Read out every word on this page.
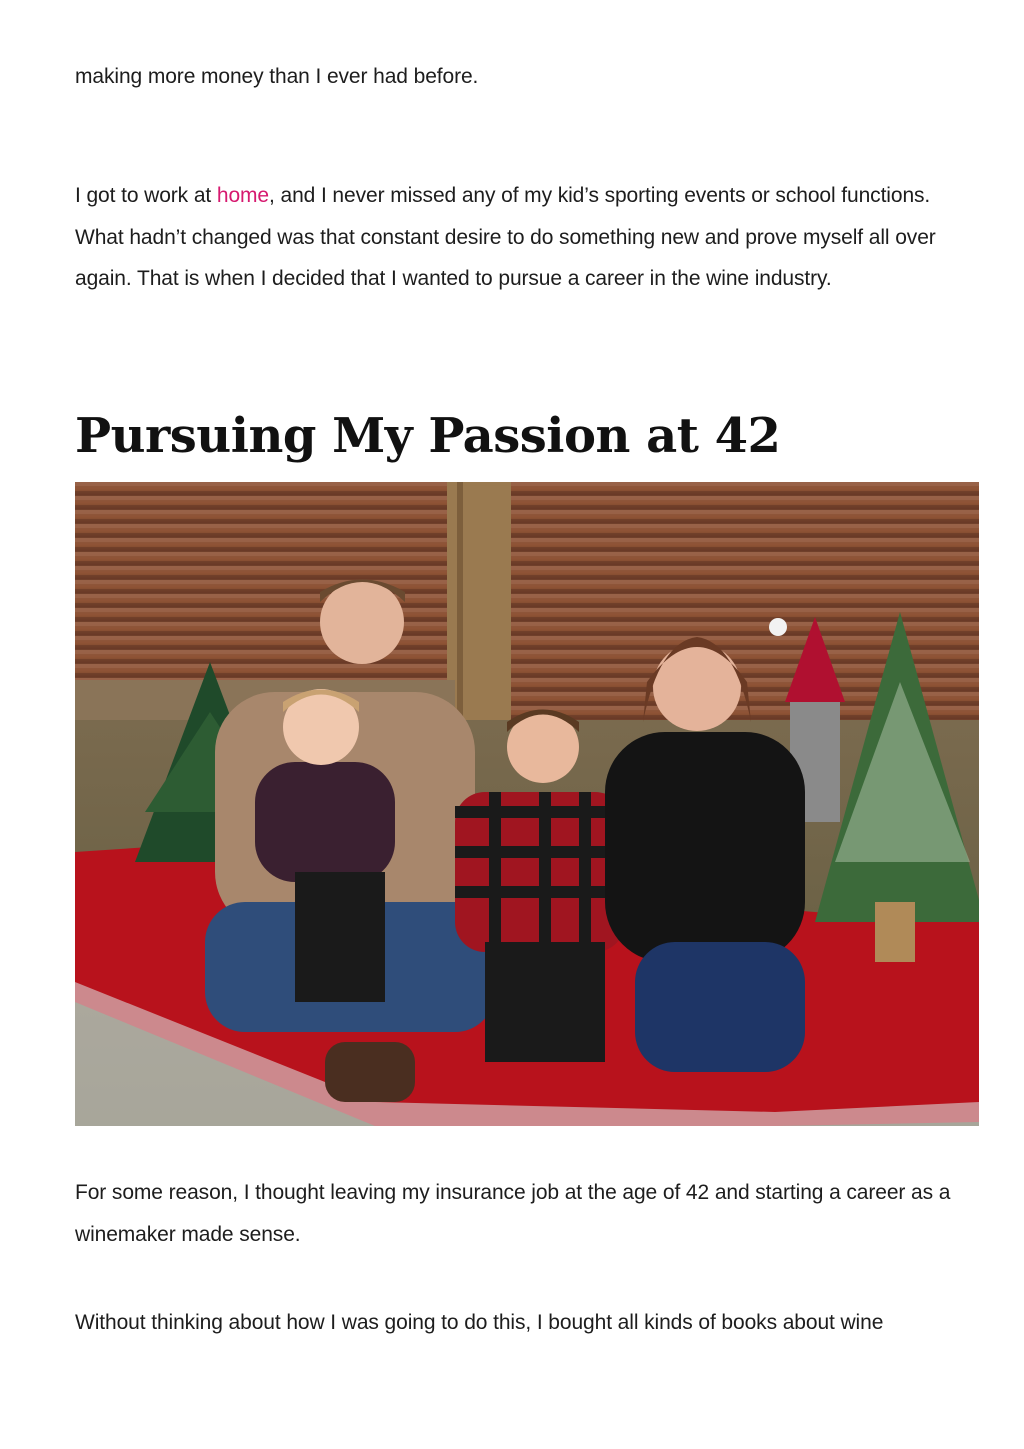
making more money than I ever had before.

I got to work at home, and I never missed any of my kid’s sporting events or school functions. What hadn’t changed was that constant desire to do something new and prove myself all over again. That is when I decided that I wanted to pursue a career in the wine industry.

Pursuing My Passion at 42

For some reason, I thought leaving my insurance job at the age of 42 and starting a career as a winemaker made sense.

Without thinking about how I was going to do this, I bought all kinds of books about wine
